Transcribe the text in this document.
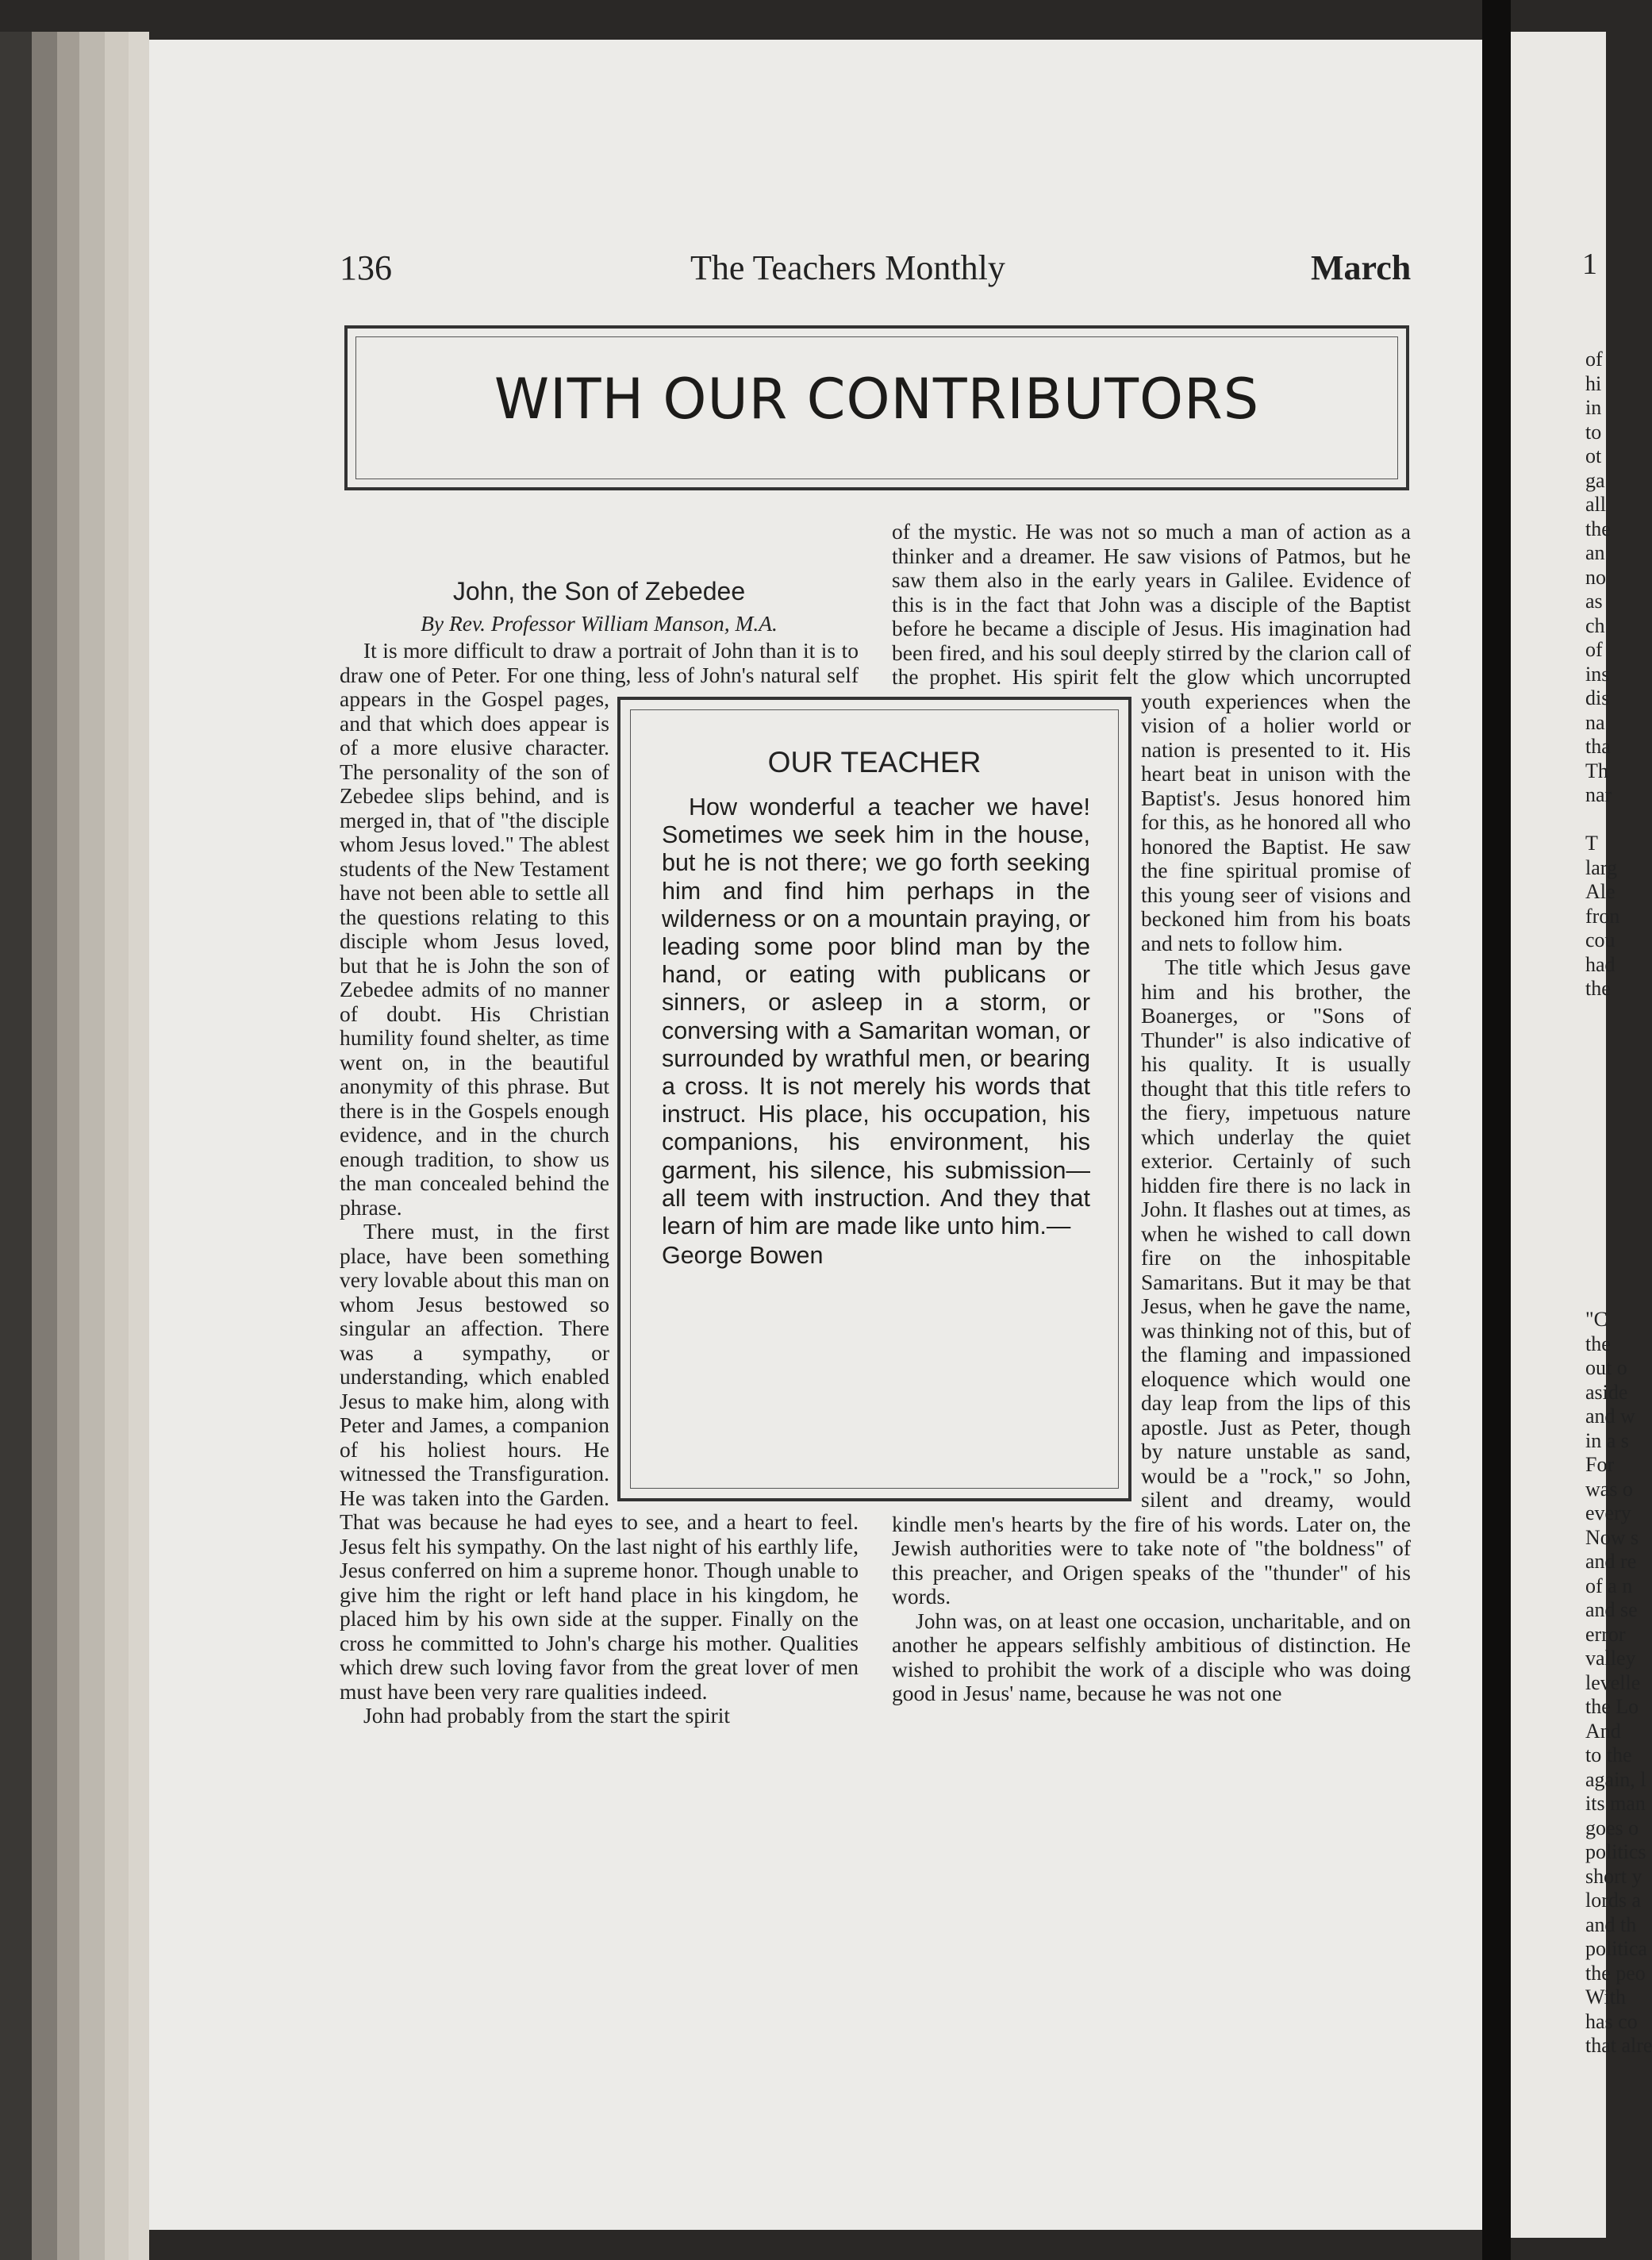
1
of
hi
in
to
ot
ga
all
the
an
no
as
ch
of
ins
dis
na
tha
Th
nar
T
larg
Ale
fron
cou
had
the
"C
the
out o
aside
and w
in a s
For
was o
every
Now s
and re
of a n
and se
error
valley
levelle
the Lo
And
to the
again, l
its man
goes o
politics
short y
lords a
and th
politica
the peo
With
has co
that alre
136	The Teachers Monthly	March
WITH OUR CONTRIBUTORS

John, the Son of Zebedee

By Rev. Professor William Manson, M.A.

It is more difficult to draw a portrait of John than it is to draw one of Peter. For one thing, less of John's natural self appears in the Gospel pages, and that which does appear is of a more elusive character. The personality of the son of Zebedee slips behind, and is merged in, that of "the disciple whom Jesus loved." The ablest students of the New Testament have not been able to settle all the questions relating to this disciple whom Jesus loved, but that he is John the son of Zebedee admits of no manner of doubt. His Christian humility found shelter, as time went on, in the beautiful anonymity of this phrase. But there is in the Gospels enough evidence, and in the church enough tradition, to show us the man concealed behind the phrase.

There must, in the first place, have been something very lovable about this man on whom Jesus bestowed so singular an affection. There was a sympathy, or understanding, which enabled Jesus to make him, along with Peter and James, a companion of his holiest hours. He witnessed the Transfiguration. He was taken into the Garden. That was because he had eyes to see, and a heart to feel. Jesus felt his sympathy. On the last night of his earthly life, Jesus conferred on him a supreme honor. Though unable to give him the right or left hand place in his kingdom, he placed him by his own side at the supper. Finally on the cross he committed to John's charge his mother. Qualities which drew such loving favor from the great lover of men must have been very rare qualities indeed.

John had probably from the start the spirit

of the mystic. He was not so much a man of action as a thinker and a dreamer. He saw visions of Patmos, but he saw them also in the early years in Galilee. Evidence of this is in the fact that John was a disciple of the Baptist before he became a disciple of Jesus. His imagination had been fired, and his soul deeply stirred by the clarion call of the prophet. His spirit felt the glow which uncorrupted youth experiences when the vision of a holier world or nation is presented to it. His heart beat in unison with the Baptist's. Jesus honored him for this, as he honored all who honored the Baptist. He saw the fine spiritual promise of this young seer of visions and beckoned him from his boats and nets to follow him.

The title which Jesus gave him and his brother, the Boanerges, or "Sons of Thunder" is also indicative of his quality. It is usually thought that this title refers to the fiery, impetuous nature which underlay the quiet exterior. Certainly of such hidden fire there is no lack in John. It flashes out at times, as when he wished to call down fire on the inhospitable Samaritans. But it may be that Jesus, when he gave the name, was thinking not of this, but of the flaming and impassioned eloquence which would one day leap from the lips of this apostle. Just as Peter, though by nature unstable as sand, would be a "rock," so John, silent and dreamy, would kindle men's hearts by the fire of his words. Later on, the Jewish authorities were to take note of "the boldness" of this preacher, and Origen speaks of the "thunder" of his words.

John was, on at least one occasion, uncharitable, and on another he appears selfishly ambitious of distinction. He wished to prohibit the work of a disciple who was doing good in Jesus' name, because he was not one

OUR TEACHER

How wonderful a teacher we have! Sometimes we seek him in the house, but he is not there; we go forth seeking him and find him perhaps in the wilderness or on a mountain praying, or leading some poor blind man by the hand, or eating with publicans or sinners, or asleep in a storm, or conversing with a Samaritan woman, or surrounded by wrathful men, or bearing a cross. It is not merely his words that instruct. His place, his occupation, his companions, his environment, his garment, his silence, his submission—all teem with instruction. And they that learn of him are made like unto him.—

George Bowen
